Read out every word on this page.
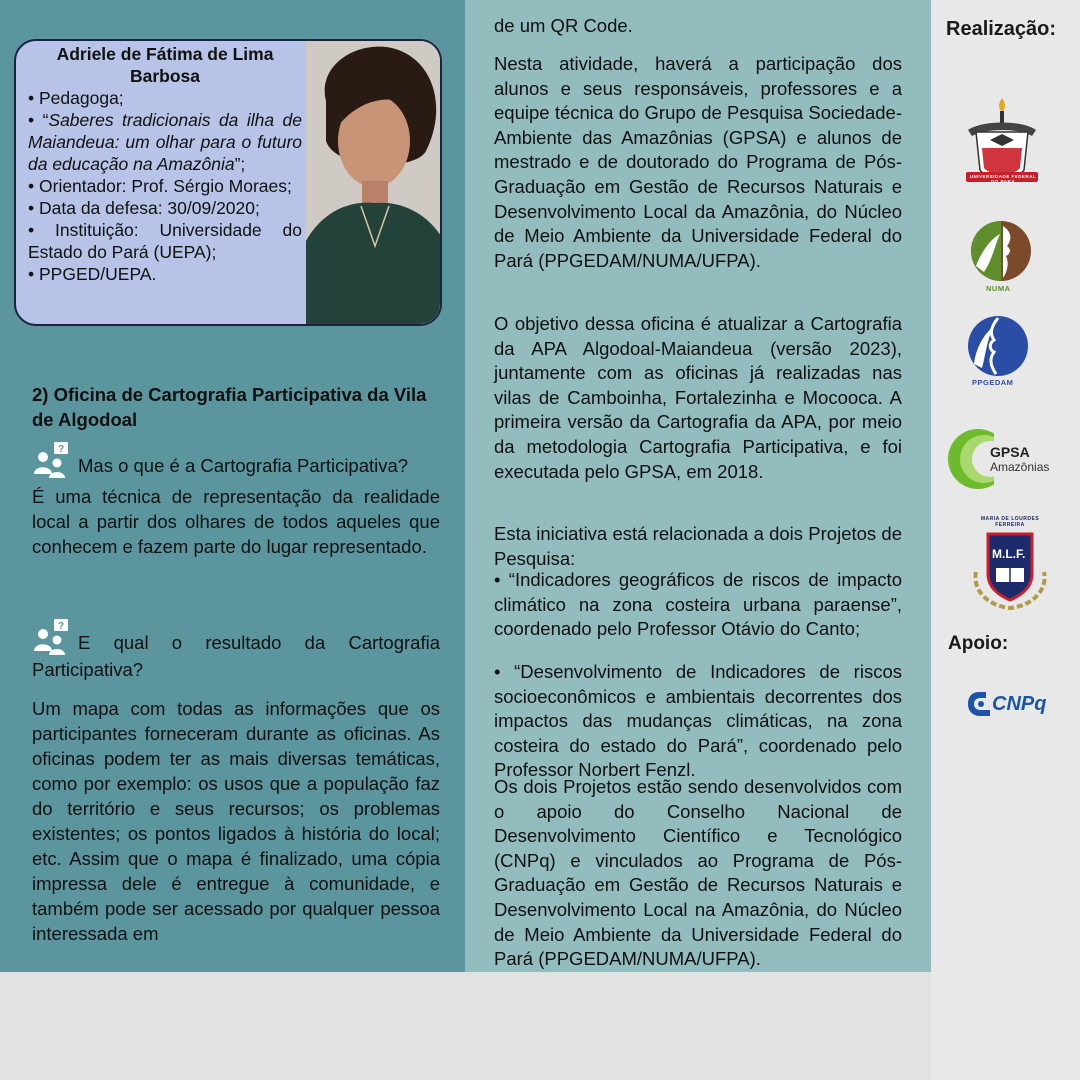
Adriele de Fátima de Lima Barbosa
• Pedagoga;
• “Saberes tradicionais da ilha de Maiandeua: um olhar para o futuro da educação na Amazônia”;
• Orientador: Prof. Sérgio Moraes;
• Data da defesa: 30/09/2020;
• Instituição: Universidade do Estado do Pará (UEPA);
• PPGED/UEPA.
2) Oficina de Cartografia Participativa da Vila de Algodoal
?
Mas o que é a Cartografia Participativa?
É uma técnica de representação da realidade local a partir dos olhares de todos aqueles que conhecem e fazem parte do lugar representado.
?
E qual o resultado da Cartografia Participativa?
Um mapa com todas as informações que os participantes forneceram durante as oficinas. As oficinas podem ter as mais diversas temáticas, como por exemplo: os usos que a população faz do território e seus recursos; os problemas existentes; os pontos ligados à história do local; etc. Assim que o mapa é finalizado, uma cópia impressa dele é entregue à comunidade, e também pode ser acessado por qualquer pessoa interessada em
de um QR Code.
Nesta atividade, haverá a participação dos alunos e seus responsáveis, professores e a equipe técnica do Grupo de Pesquisa Sociedade-Ambiente das Amazônias (GPSA) e alunos de mestrado e de doutorado do Programa de Pós-Graduação em Gestão de Recursos Naturais e Desenvolvimento Local da Amazônia, do Núcleo de Meio Ambiente da Universidade Federal do Pará (PPGEDAM/NUMA/UFPA).
O objetivo dessa oficina é atualizar a Cartografia da APA Algodoal-Maiandeua (versão 2023), juntamente com as oficinas já realizadas nas vilas de Camboinha, Fortalezinha e Mocooca. A primeira versão da Cartografia da APA, por meio da metodologia Cartografia Participativa, e foi executada pelo GPSA, em 2018.
Esta iniciativa está relacionada a dois Projetos de Pesquisa:
• “Indicadores geográficos de riscos de impacto climático na zona costeira urbana paraense”, coordenado pelo Professor Otávio do Canto;
• “Desenvolvimento de Indicadores de riscos socioeconômicos e ambientais decorrentes dos impactos das mudanças climáticas, na zona costeira do estado do Pará”, coordenado pelo Professor Norbert Fenzl.
Os dois Projetos estão sendo desenvolvidos com o apoio do Conselho Nacional de Desenvolvimento Científico e Tecnológico (CNPq) e vinculados ao Programa de Pós-Graduação em Gestão de Recursos Naturais e Desenvolvimento Local na Amazônia, do Núcleo de Meio Ambiente da Universidade Federal do Pará (PPGEDAM/NUMA/UFPA).
Realização:
UNIVERSIDADE FEDERAL DO PARÁ
NUMA
PPGEDAM
GPSA
Amazônias
MARIA DE LOURDES FERREIRA
M.L.F.
Apoio:
CNPq
